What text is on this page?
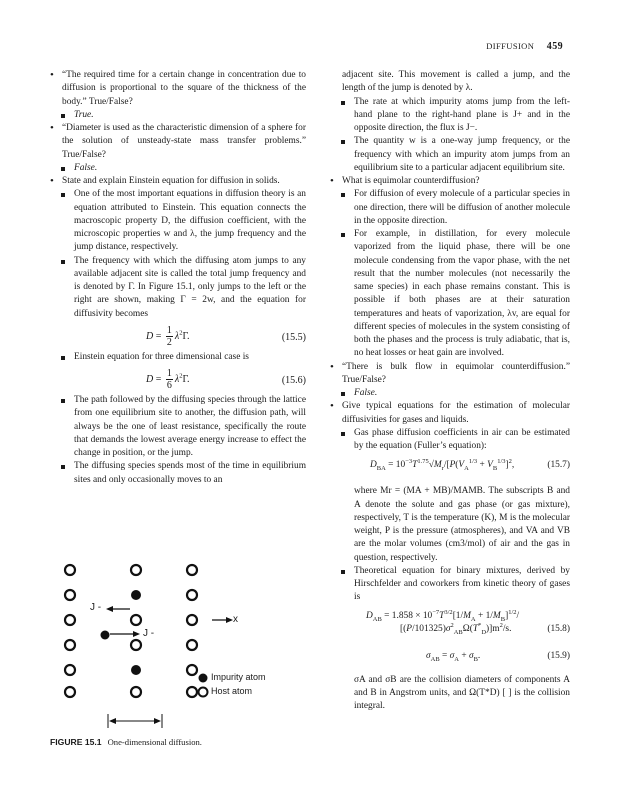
DIFFUSION 459

• “The required time for a certain change in concentration due to diffusion is proportional to the square of the thickness of the body.” True/False?

True.

• “Diameter is used as the characteristic dimension of a sphere for the solution of unsteady-state mass transfer problems.” True/False?

False.

• State and explain Einstein equation for diffusion in solids.

One of the most important equations in diffusion theory is an equation attributed to Einstein. This equation connects the macroscopic property D, the diffusion coefficient, with the microscopic properties w and λ, the jump frequency and the jump distance, respectively.

The frequency with which the diffusing atom jumps to any available adjacent site is called the total jump frequency and is denoted by Γ. In Figure 15.1, only jumps to the left or the right are shown, making Γ = 2w, and the equation for diffusivity becomes

$D = \frac{1}{2} \lambda^2\Gamma$.	(15.5)

Einstein equation for three dimensional case is

$D = \frac{1}{6} \lambda^2\Gamma$.	(15.6)

The path followed by the diffusing species through the lattice from one equilibrium site to another, the diffusion path, will always be the one of least resistance, specifically the route that demands the lowest average energy increase to effect the change in position, or the jump.

The diffusing species spends most of the time in equilibrium sites and only occasionally moves to an

x
J -
J -
Impurity atom
Host atom
FIGURE 15.1 One-dimensional diffusion.

adjacent site. This movement is called a jump, and the length of the jump is denoted by λ.

The rate at which impurity atoms jump from the left-hand plane to the right-hand plane is J+ and in the opposite direction, the flux is J−.

The quantity w is a one-way jump frequency, or the frequency with which an impurity atom jumps from an equilibrium site to a particular adjacent equilibrium site.

• What is equimolar counterdiffusion?

For diffusion of every molecule of a particular species in one direction, there will be diffusion of another molecule in the opposite direction.

For example, in distillation, for every molecule vaporized from the liquid phase, there will be one molecule condensing from the vapor phase, with the net result that the number molecules (not necessarily the same species) in each phase remains constant. This is possible if both phases are at their saturation temperatures and heats of vaporization, λv, are equal for different species of molecules in the system consisting of both the phases and the process is truly adiabatic, that is, no heat losses or heat gain are involved.

• “There is bulk flow in equimolar counterdiffusion.” True/False?

False.

• Give typical equations for the estimation of molecular diffusivities for gases and liquids.

Gas phase diffusion coefficients in air can be estimated by the equation (Fuller’s equation):

$D_{BA} = 10^{-3}T^{1.75}√M_r/[P(V_A^{1/3} + V_B^{1/3}]^2$,	(15.7)

where Mr = (MA + MB)/MAMB. The subscripts B and A denote the solute and gas phase (or gas mixture), respectively, T is the temperature (K), M is the molecular weight, P is the pressure (atmospheres), and VA and VB are the molar volumes (cm3/mol) of air and the gas in question, respectively.

Theoretical equation for binary mixtures, derived by Hirschfelder and coworkers from kinetic theory of gases is

$D_{AB} = 1.858 \times 10^{-7}T^{3/2}[1/M_A + 1/M_B]^{1/2}/$
$[(P/101325)\sigma^2_{AB}\Omega(T^*_D)]m^2/s$.	(15.8)
$\sigma_{AB} = \sigma_A + \sigma_B$.	(15.9)

σA and σB are the collision diameters of components A and B in Angstrom units, and Ω(T*D) [ ] is the collision integral.
